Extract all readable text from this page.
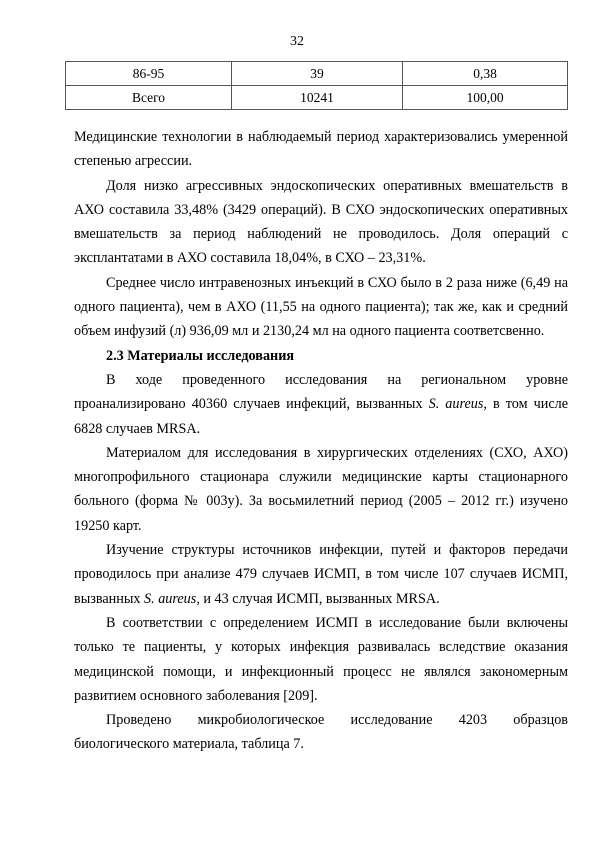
32
86-95	39	0,38
Всего	10241	100,00

Медицинские технологии в наблюдаемый период характеризовались умеренной степенью агрессии.

Доля низко агрессивных эндоскопических оперативных вмешательств в АХО составила 33,48% (3429 операций). В СХО эндоскопических оперативных вмешательств за период наблюдений не проводилось. Доля операций с эксплантатами в АХО составила 18,04%, в СХО – 23,31%.

Среднее число интравенозных инъекций в СХО было в 2 раза ниже (6,49 на одного пациента), чем в АХО (11,55 на одного пациента); так же, как и средний объем инфузий (л) 936,09 мл и 2130,24 мл на одного пациента соответсвенно.

2.3 Материалы исследования

В ходе проведенного исследования на региональном уровне проанализировано 40360 случаев инфекций, вызванных S. aureus, в том числе 6828 случаев MRSA.

Материалом для исследования в хирургических отделениях (СХО, АХО) многопрофильного стационара служили медицинские карты стационарного больного (форма № 003у). За восьмилетний период (2005 – 2012 гг.) изучено 19250 карт.

Изучение структуры источников инфекции, путей и факторов передачи проводилось при анализе 479 случаев ИСМП, в том числе 107 случаев ИСМП, вызванных S. aureus, и 43 случая ИСМП, вызванных MRSA.

В соответствии с определением ИСМП в исследование были включены только те пациенты, у которых инфекция развивалась вследствие оказания медицинской помощи, и инфекционный процесс не являлся закономерным развитием основного заболевания [209].

Проведено микробиологическое исследование 4203 образцов биологического материала, таблица 7.
